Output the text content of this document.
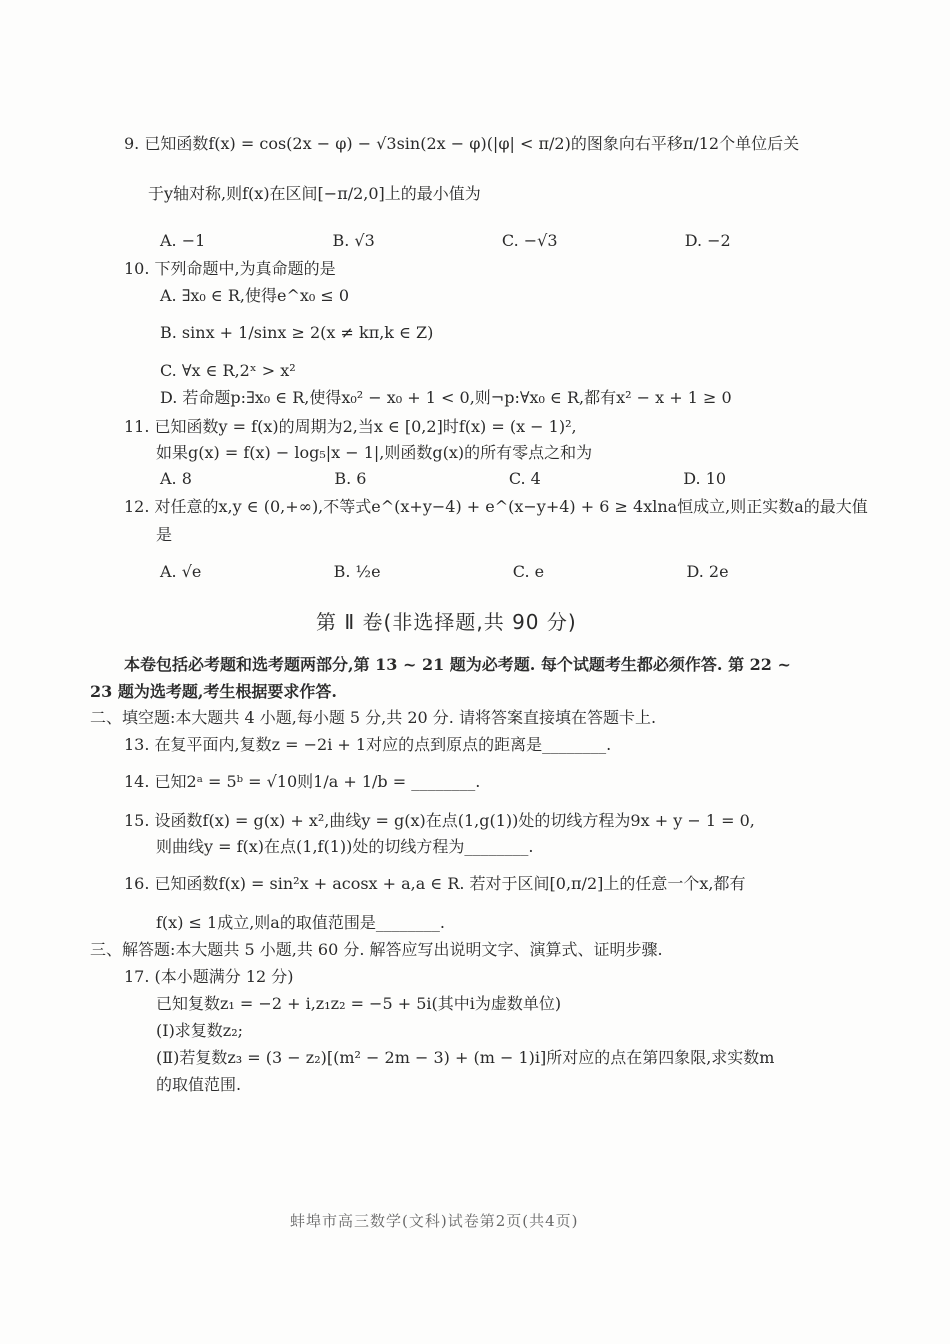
9. 已知函数f(x) = cos(2x − φ) − √3sin(2x − φ)(|φ| < π/2)的图象向右平移π/12个单位后关
于y轴对称,则f(x)在区间[−π/2,0]上的最小值为
A. −1                         B. √3                         C. −√3                         D. −2
10. 下列命题中,为真命题的是
A. ∃x₀ ∈ R,使得e^x₀ ≤ 0
B. sinx + 1/sinx ≥ 2(x ≠ kπ,k ∈ Z)
C. ∀x ∈ R,2ˣ > x²
D. 若命题p:∃x₀ ∈ R,使得x₀² − x₀ + 1 < 0,则¬p:∀x₀ ∈ R,都有x² − x + 1 ≥ 0
11. 已知函数y = f(x)的周期为2,当x ∈ [0,2]时f(x) = (x − 1)²,
如果g(x) = f(x) − log₅|x − 1|,则函数g(x)的所有零点之和为
A. 8                            B. 6                            C. 4                            D. 10
12. 对任意的x,y ∈ (0,+∞),不等式e^(x+y−4) + e^(x−y+4) + 6 ≥ 4xlna恒成立,则正实数a的最大值
是
A. √e                          B. ½e                          C. e                            D. 2e
第 Ⅱ 卷(非选择题,共 90 分)
本卷包括必考题和选考题两部分,第 13 ~ 21 题为必考题. 每个试题考生都必须作答. 第 22 ~
23 题为选考题,考生根据要求作答.
二、填空题:本大题共 4 小题,每小题 5 分,共 20 分. 请将答案直接填在答题卡上.
13. 在复平面内,复数z = −2i + 1对应的点到原点的距离是________.
14. 已知2ᵃ = 5ᵇ = √10则1/a + 1/b = ________.
15. 设函数f(x) = g(x) + x²,曲线y = g(x)在点(1,g(1))处的切线方程为9x + y − 1 = 0,
则曲线y = f(x)在点(1,f(1))处的切线方程为________.
16. 已知函数f(x) = sin²x + acosx + a,a ∈ R. 若对于区间[0,π/2]上的任意一个x,都有
f(x) ≤ 1成立,则a的取值范围是________.
三、解答题:本大题共 5 小题,共 60 分. 解答应写出说明文字、演算式、证明步骤.
17. (本小题满分 12 分)
已知复数z₁ = −2 + i,z₁z₂ = −5 + 5i(其中i为虚数单位)
(Ⅰ)求复数z₂;
(Ⅱ)若复数z₃ = (3 − z₂)[(m² − 2m − 3) + (m − 1)i]所对应的点在第四象限,求实数m
的取值范围.
蚌埠市高三数学(文科)试卷第2页(共4页)
